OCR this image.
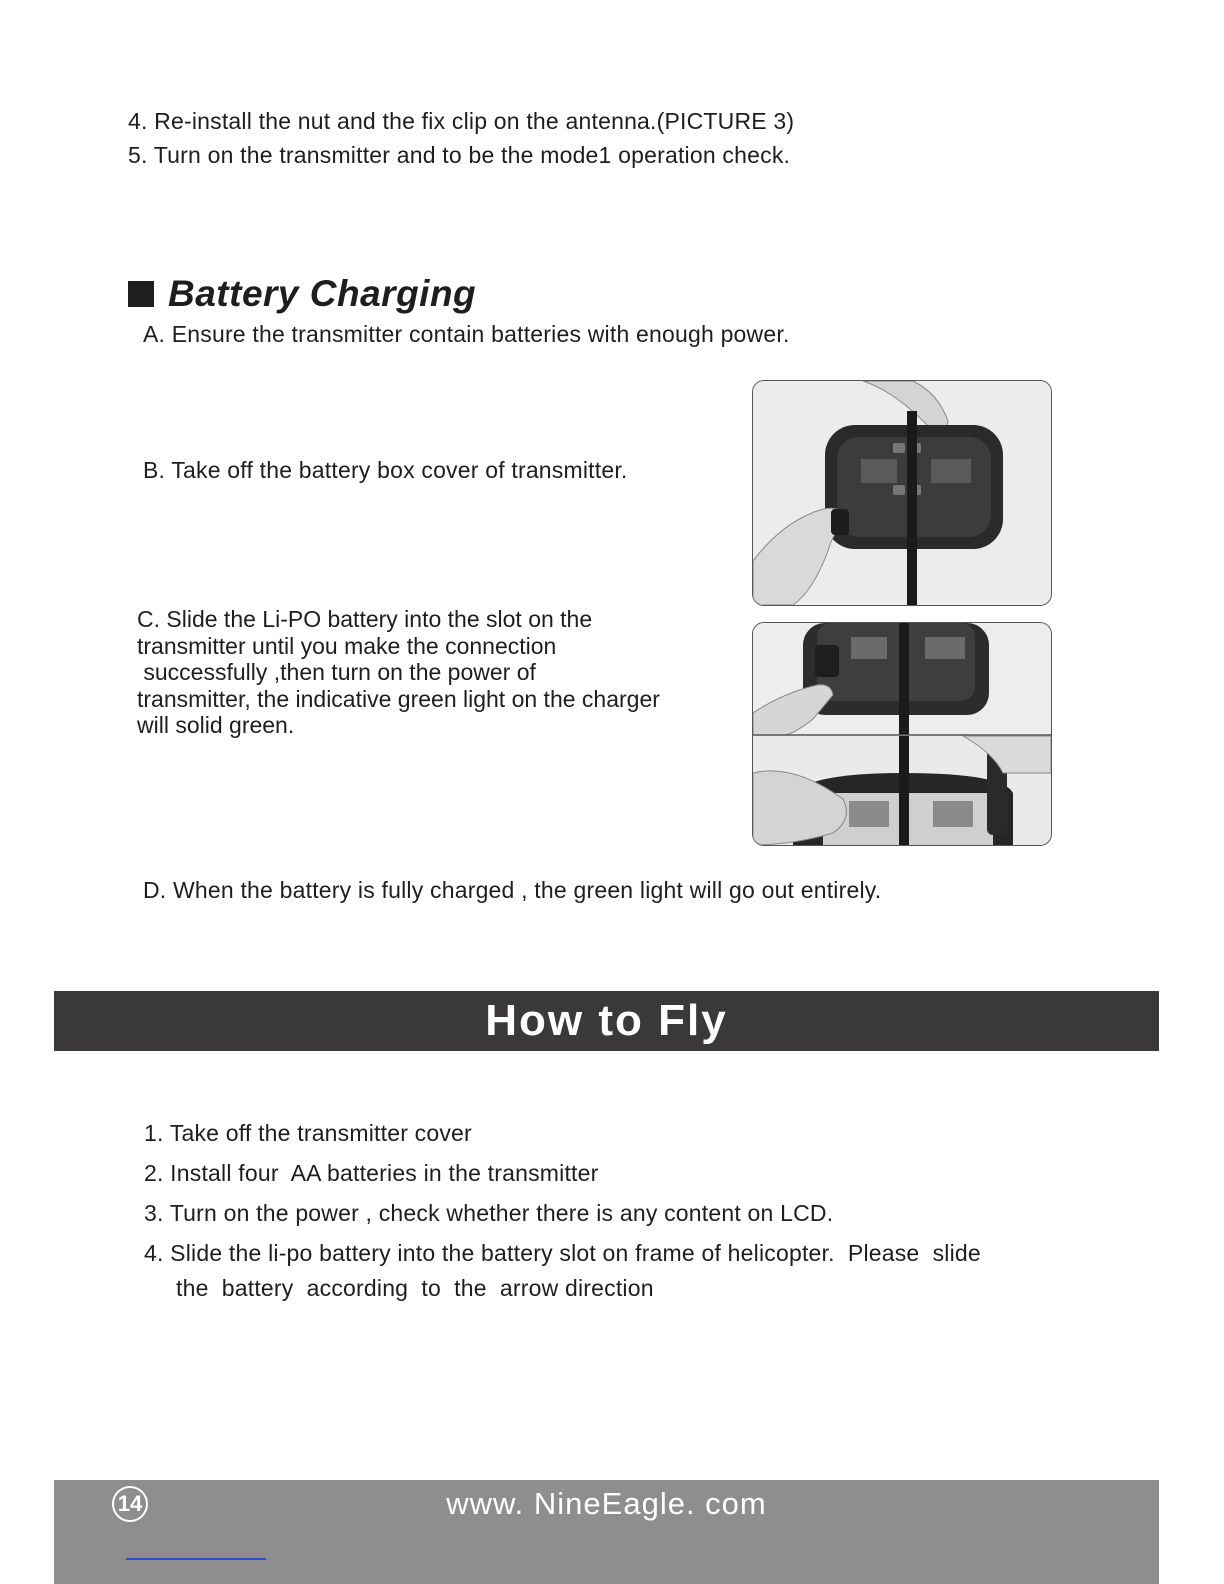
4. Re-install the nut and the fix clip on the antenna.(PICTURE 3)
5. Turn on the transmitter and to be the mode1 operation check.
Battery Charging
A. Ensure the transmitter contain batteries with enough power.
B. Take off the battery box cover of transmitter.
C. Slide the Li-PO battery into the slot on the
transmitter until you make the connection
successfully ,then turn on the power of
transmitter, the indicative green light on the charger
will solid green.
D. When the battery is fully charged , the green light will go out entirely.
How to Fly
1. Take off the transmitter cover
2. Install four  AA batteries in the transmitter
3. Turn on the power , check whether there is any content on LCD.
4. Slide the li-po battery into the battery slot on frame of helicopter.  Please  slide
the  battery  according  to  the  arrow direction
14	www. NineEagle. com
